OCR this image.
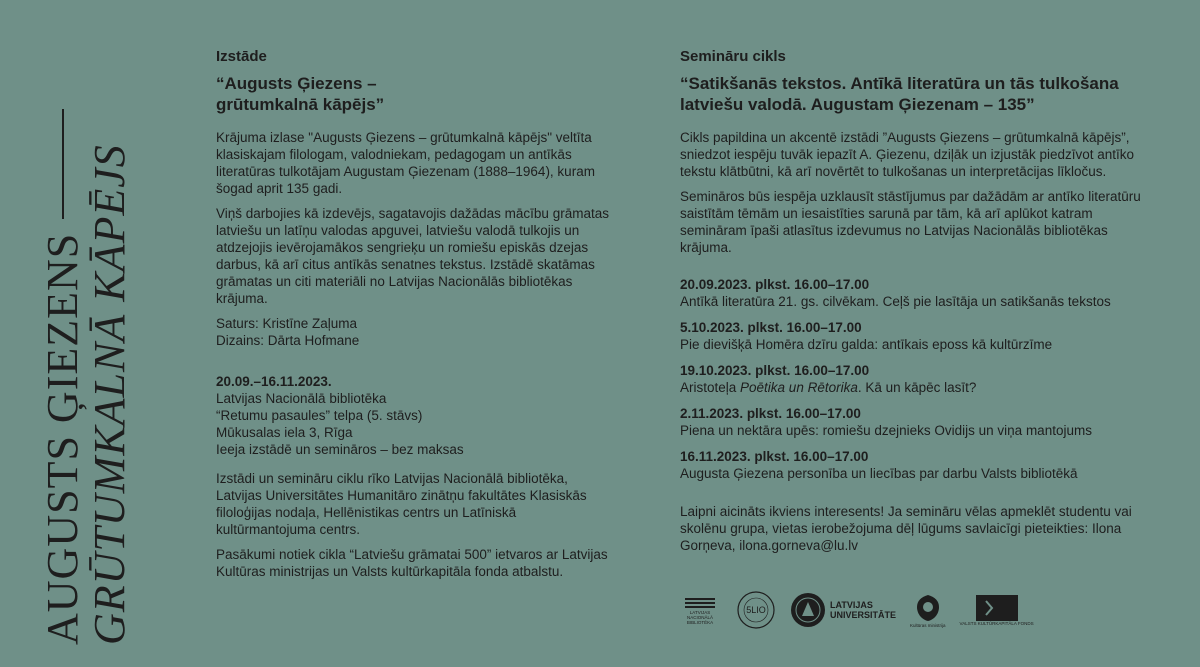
AUGUSTS ĢIEZENS
GRŪTUMKALNĀ KĀPĒJS
Izstāde
“Augusts Ģiezens –
grūtumkalnā kāpējs”

Krājuma izlase "Augusts Ģiezens – grūtumkalnā kāpējs" veltīta klasiskajam filologam, valodniekam, pedagogam un antīkās literatūras tulkotājam Augustam Ģiezenam (1888–1964), kuram šogad aprit 135 gadi.

Viņš darbojies kā izdevējs, sagatavojis dažādas mācību grāmatas latviešu un latīņu valodas apguvei, latviešu valodā tulkojis un atdzejojis ievērojamākos sengrieķu un romiešu episkās dzejas darbus, kā arī citus antīkās senatnes tekstus. Izstādē skatāmas grāmatas un citi materiāli no Latvijas Nacionālās bibliotēkas krājuma.

Saturs: Kristīne Zaļuma
Dizains: Dārta Hofmane
20.09.–16.11.2023.
Latvijas Nacionālā bibliotēka
“Retumu pasaules” telpa (5. stāvs)
Mūkusalas iela 3, Rīga
Ieeja izstādē un semināros – bez maksas

Izstādi un semināru ciklu rīko Latvijas Nacionālā bibliotēka, Latvijas Universitātes Humanitāro zinātņu fakultātes Klasiskās filoloģijas nodaļa, Hellēnistikas centrs un Latīniskā kultūrmantojuma centrs.

Pasākumi notiek cikla “Latviešu grāmatai 500” ietvaros ar Latvijas Kultūras ministrijas un Valsts kultūrkapitāla fonda atbalstu.

Semināru cikls
“Satikšanās tekstos. Antīkā literatūra un tās tulkošana
latviešu valodā. Augustam Ģiezenam – 135”

Cikls papildina un akcentē izstādi ”Augusts Ģiezens – grūtumkalnā kāpējs”, sniedzot iespēju tuvāk iepazīt A. Ģiezenu, dziļāk un izjustāk piedzīvot antīko tekstu klātbūtni, kā arī novērtēt to tulkošanas un interpretācijas līkločus.

Semināros būs iespēja uzklausīt stāstījumus par dažādām ar antīko literatūru saistītām tēmām un iesaistīties sarunā par tām, kā arī aplūkot katram semināram īpaši atlasītus izdevumus no Latvijas Nacionālās bibliotēkas krājuma.

20.09.2023. plkst. 16.00–17.00
Antīkā literatūra 21. gs. cilvēkam. Ceļš pie lasītāja un satikšanās tekstos
5.10.2023. plkst. 16.00–17.00
Pie dievišķā Homēra dzīru galda: antīkais eposs kā kultūrzīme
19.10.2023. plkst. 16.00–17.00
Aristoteļa Poētika un Rētorika. Kā un kāpēc lasīt?
2.11.2023. plkst. 16.00–17.00
Piena un nektāra upēs: romiešu dzejnieks Ovidijs un viņa mantojums
16.11.2023. plkst. 16.00–17.00
Augusta Ģiezena personība un liecības par darbu Valsts bibliotēkā

Laipni aicināts ikviens interesents! Ja semināru vēlas apmeklēt studentu vai skolēnu grupa, vietas ierobežojuma dēļ lūgums savlaicīgi pieteikties: Ilona Gorņeva, ilona.gorneva@lu.lv

LATVIJAS NACIONĀLĀ BIBLIOTĒKA
5LIO	LATVIJAS
UNIVERSITĀTE
Kultūras ministrija	VALSTS KULTŪRKAPITĀLA FONDS
